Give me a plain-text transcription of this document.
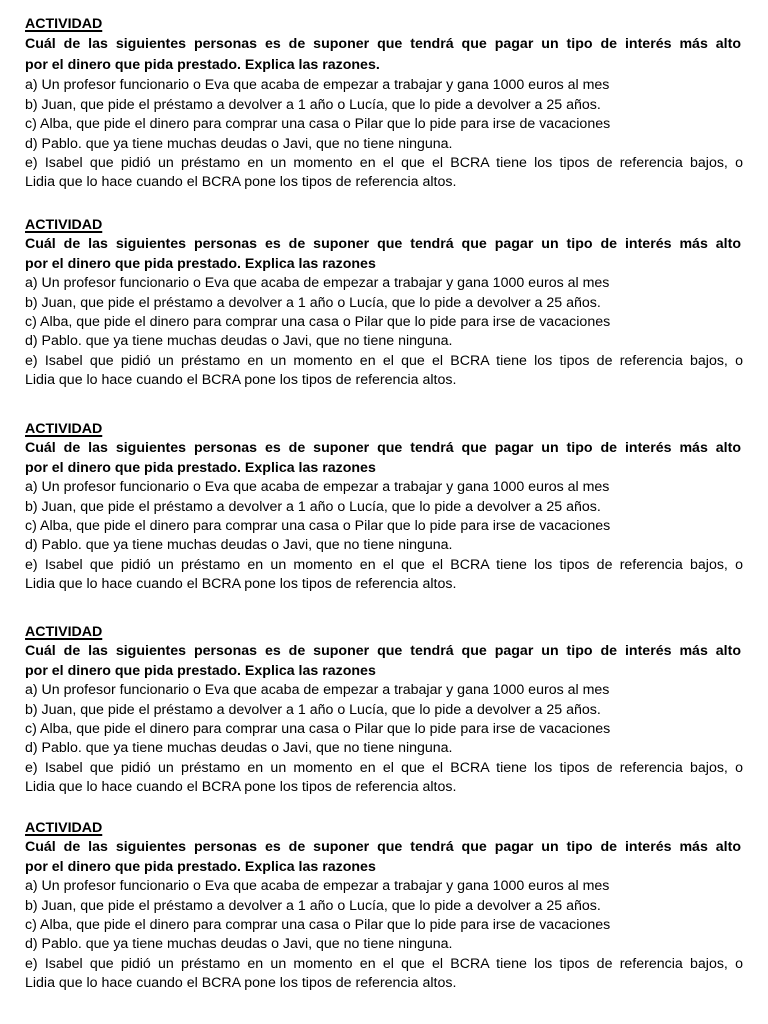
ACTIVIDAD
Cuál de las siguientes personas es de suponer que tendrá que pagar un tipo de interés más alto
por el dinero que pida prestado. Explica las razones.
a) Un profesor funcionario o Eva que acaba de empezar a trabajar y gana 1000 euros al mes
b) Juan, que pide el préstamo a devolver a 1 año o Lucía, que lo pide a devolver a 25 años.
c) Alba, que pide el dinero para comprar una casa o Pilar que lo pide para irse de vacaciones
d) Pablo. que ya tiene muchas deudas o Javi, que no tiene ninguna.
e) Isabel que pidió un préstamo en un momento en el que el BCRA tiene los tipos de referencia bajos, o
Lidia que lo hace cuando el BCRA pone los tipos de referencia altos.
ACTIVIDAD
Cuál de las siguientes personas es de suponer que tendrá que pagar un tipo de interés más alto
por el dinero que pida prestado. Explica las razones
a) Un profesor funcionario o Eva que acaba de empezar a trabajar y gana 1000 euros al mes
b) Juan, que pide el préstamo a devolver a 1 año o Lucía, que lo pide a devolver a 25 años.
c) Alba, que pide el dinero para comprar una casa o Pilar que lo pide para irse de vacaciones
d) Pablo. que ya tiene muchas deudas o Javi, que no tiene ninguna.
e) Isabel que pidió un préstamo en un momento en el que el BCRA tiene los tipos de referencia bajos, o
Lidia que lo hace cuando el BCRA pone los tipos de referencia altos.
ACTIVIDAD
Cuál de las siguientes personas es de suponer que tendrá que pagar un tipo de interés más alto
por el dinero que pida prestado. Explica las razones
a) Un profesor funcionario o Eva que acaba de empezar a trabajar y gana 1000 euros al mes
b) Juan, que pide el préstamo a devolver a 1 año o Lucía, que lo pide a devolver a 25 años.
c) Alba, que pide el dinero para comprar una casa o Pilar que lo pide para irse de vacaciones
d) Pablo. que ya tiene muchas deudas o Javi, que no tiene ninguna.
e) Isabel que pidió un préstamo en un momento en el que el BCRA tiene los tipos de referencia bajos, o
Lidia que lo hace cuando el BCRA pone los tipos de referencia altos.
ACTIVIDAD
Cuál de las siguientes personas es de suponer que tendrá que pagar un tipo de interés más alto
por el dinero que pida prestado. Explica las razones
a) Un profesor funcionario o Eva que acaba de empezar a trabajar y gana 1000 euros al mes
b) Juan, que pide el préstamo a devolver a 1 año o Lucía, que lo pide a devolver a 25 años.
c) Alba, que pide el dinero para comprar una casa o Pilar que lo pide para irse de vacaciones
d) Pablo. que ya tiene muchas deudas o Javi, que no tiene ninguna.
e) Isabel que pidió un préstamo en un momento en el que el BCRA tiene los tipos de referencia bajos, o
Lidia que lo hace cuando el BCRA pone los tipos de referencia altos.
ACTIVIDAD
Cuál de las siguientes personas es de suponer que tendrá que pagar un tipo de interés más alto
por el dinero que pida prestado. Explica las razones
a) Un profesor funcionario o Eva que acaba de empezar a trabajar y gana 1000 euros al mes
b) Juan, que pide el préstamo a devolver a 1 año o Lucía, que lo pide a devolver a 25 años.
c) Alba, que pide el dinero para comprar una casa o Pilar que lo pide para irse de vacaciones
d) Pablo. que ya tiene muchas deudas o Javi, que no tiene ninguna.
e) Isabel que pidió un préstamo en un momento en el que el BCRA tiene los tipos de referencia bajos, o
Lidia que lo hace cuando el BCRA pone los tipos de referencia altos.
